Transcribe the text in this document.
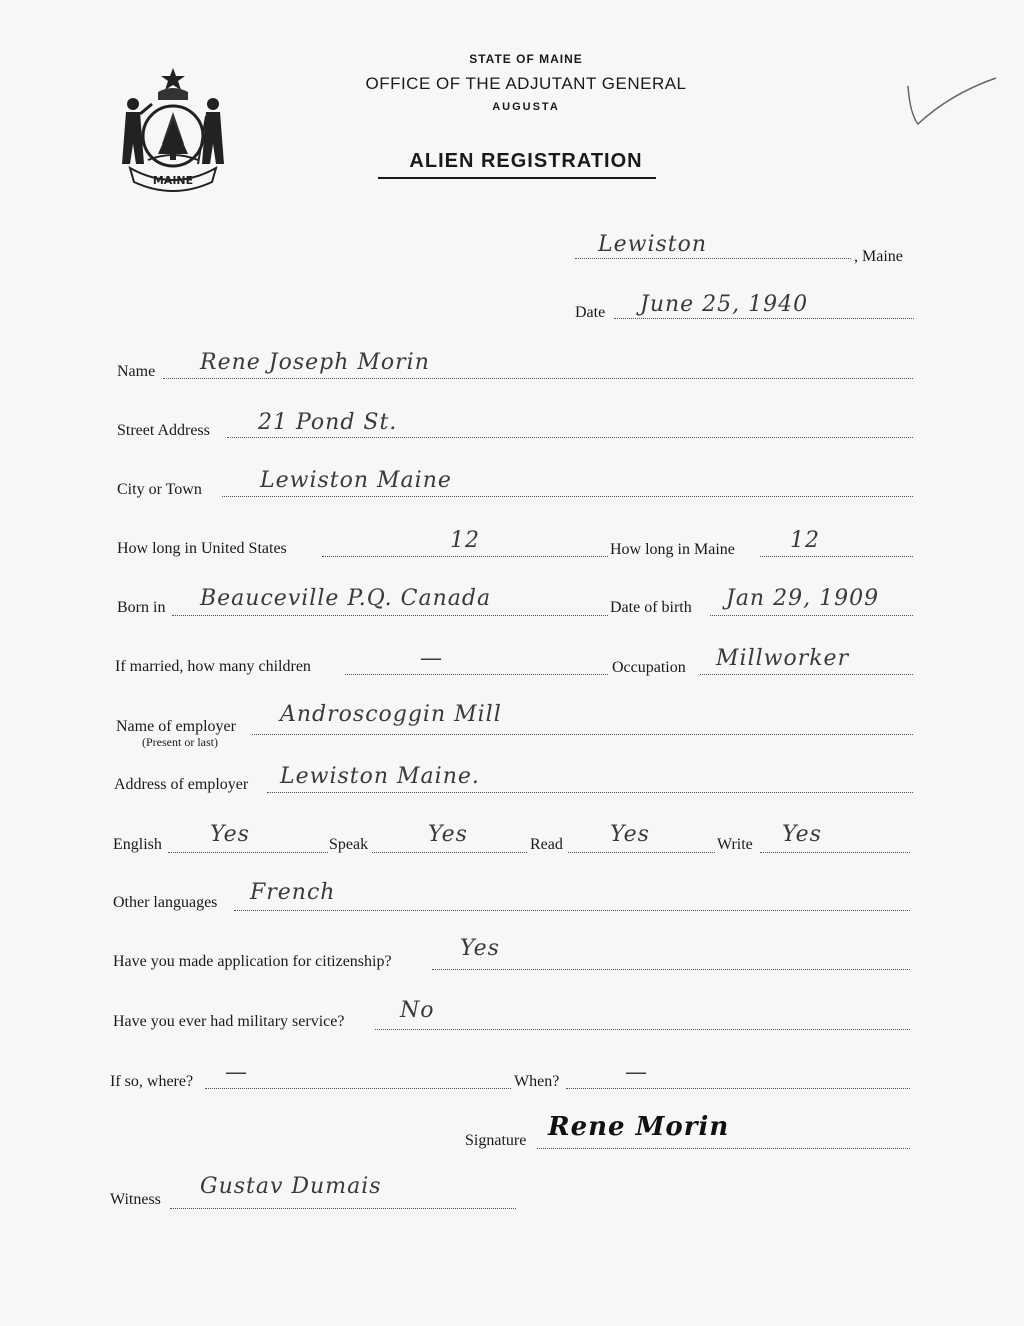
MAINE
STATE OF MAINE
OFFICE OF THE ADJUTANT GENERAL
AUGUSTA
ALIEN REGISTRATION
Lewiston	, Maine
Date June 25, 1940
Name Rene Joseph Morin
Street Address 21 Pond St.
City or Town	Lewiston Maine
How long in United States	12	How long in Maine	12
Born in Beauceville P.Q. Canada	Date of birth Jan 29, 1909
If married, how many children	—	Occupation Millworker
Name of employer
(Present or last)
Androscoggin Mill
Address of employer Lewiston Maine.
English Yes	Speak	Yes	Read Yes	Write Yes
Other languages French
Have you made application for citizenship?
Yes
Have you ever had military service?	No
If so, where? —	When?	—
Signature Rene Morin
Witness
Gustav Dumais
